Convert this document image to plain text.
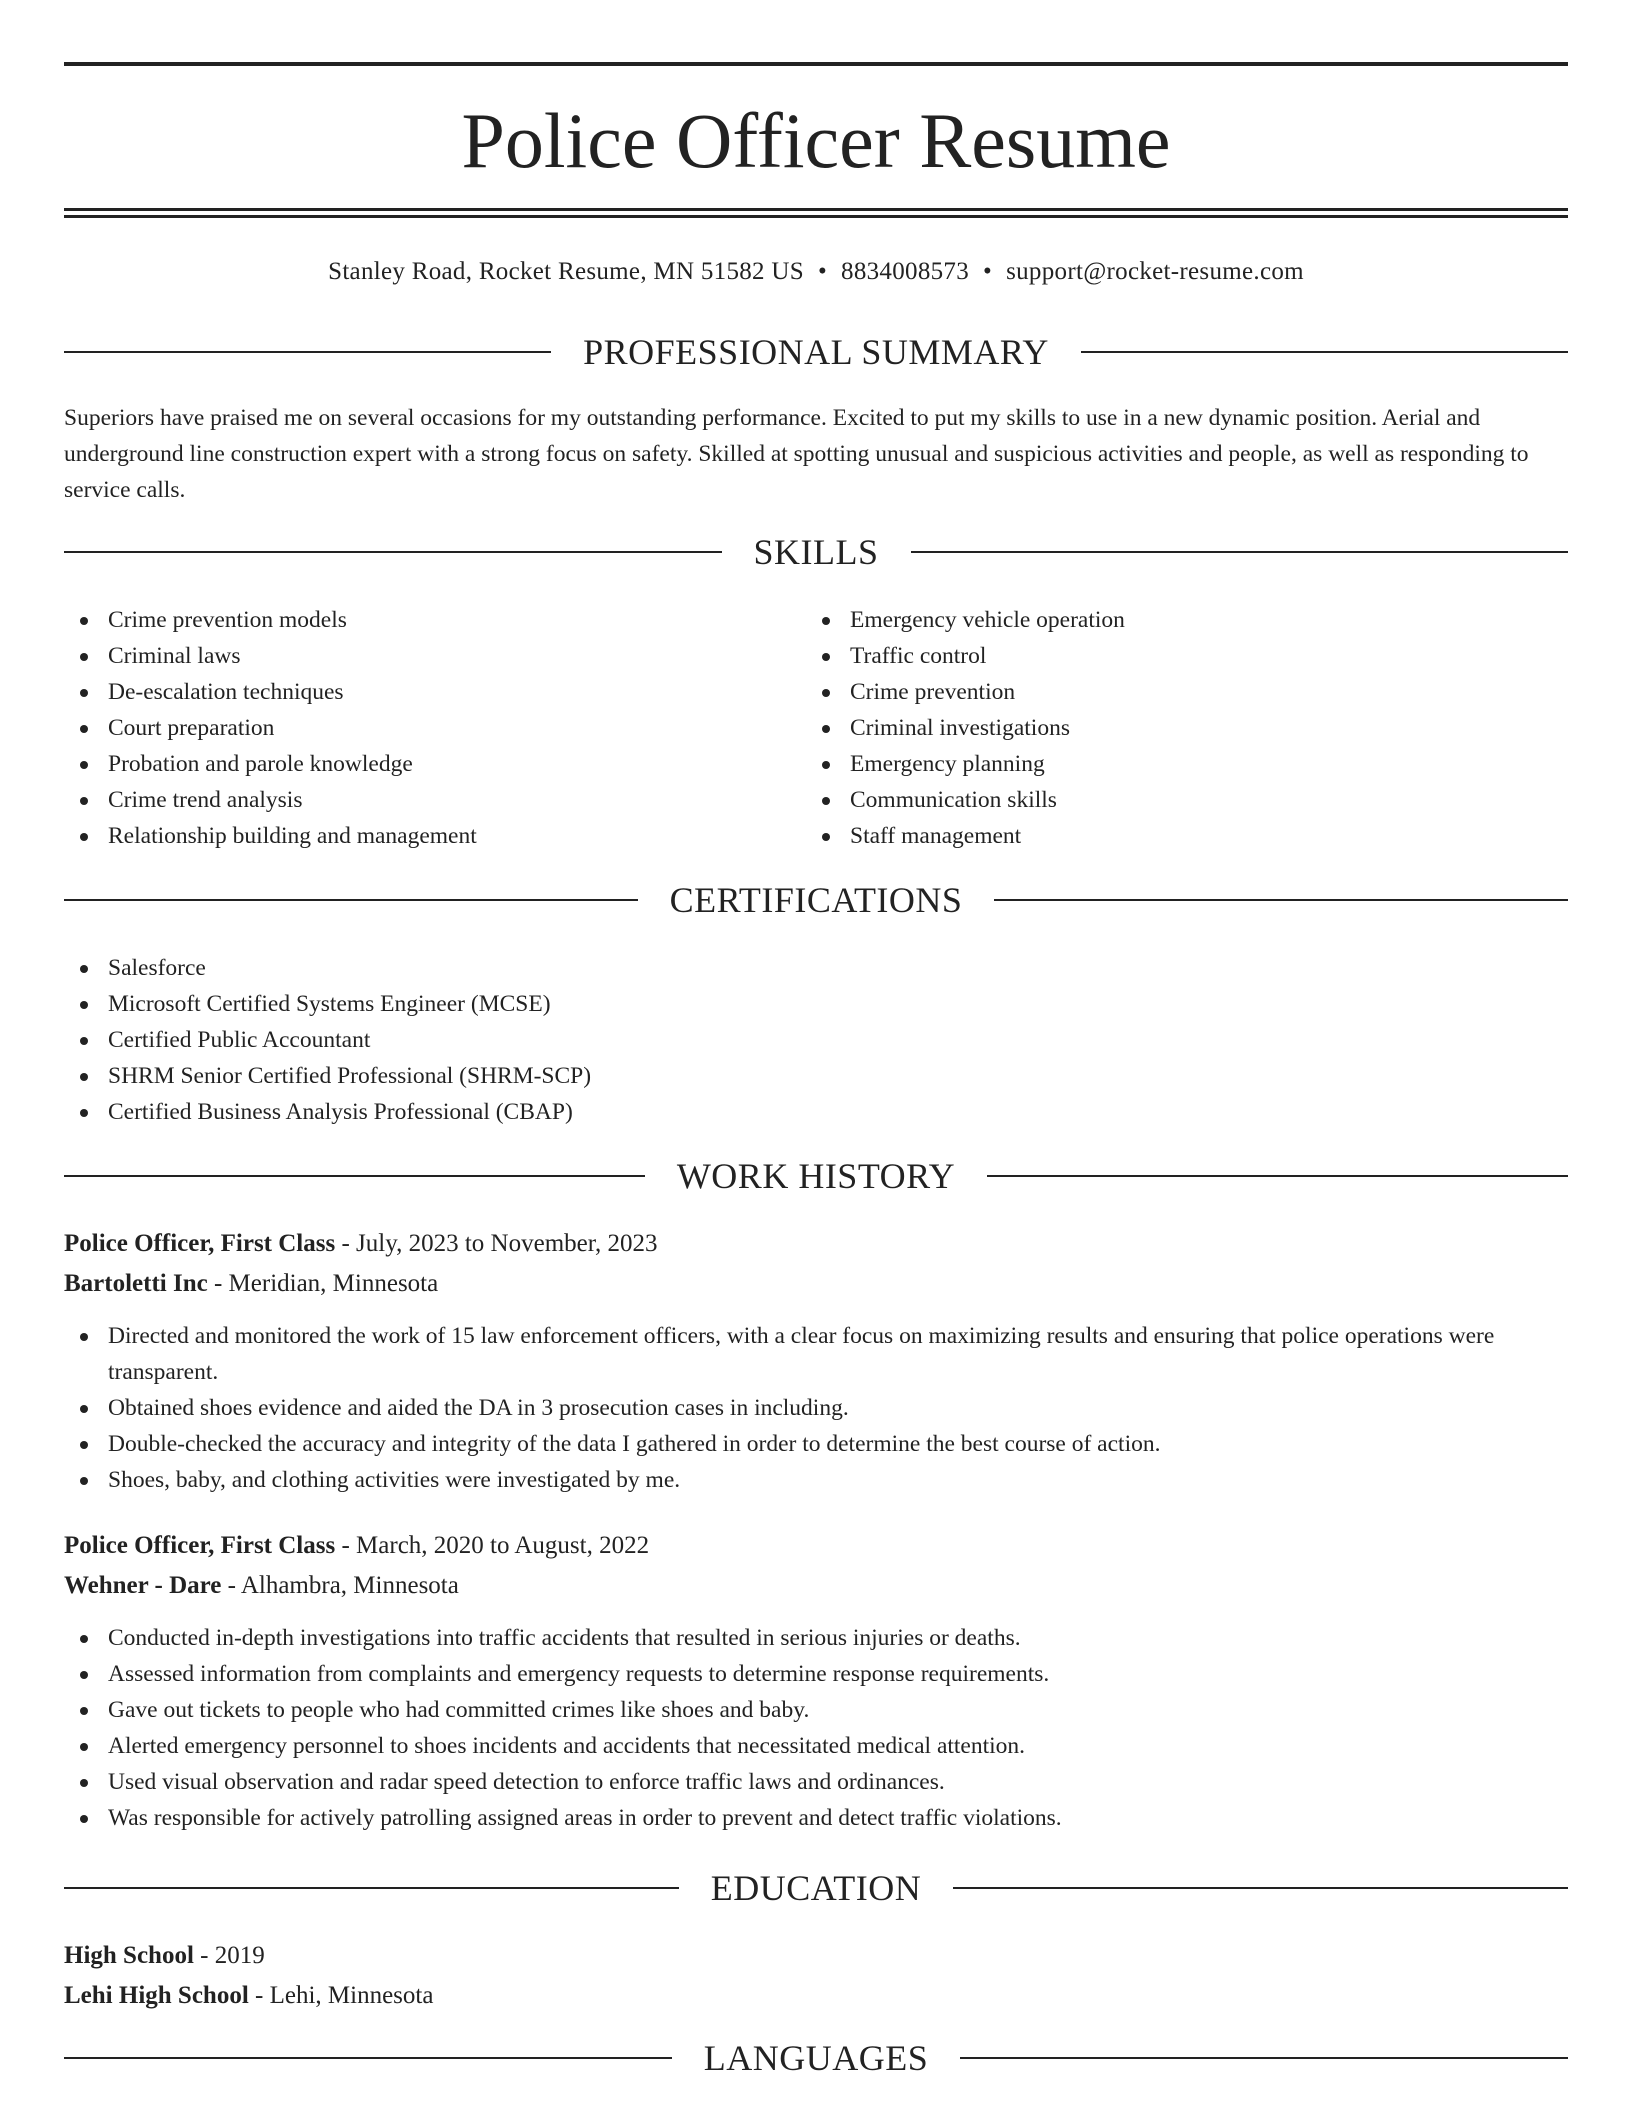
Police Officer Resume
Stanley Road, Rocket Resume, MN 51582 US • 8834008573 • support@rocket-resume.com
PROFESSIONAL SUMMARY

Superiors have praised me on several occasions for my outstanding performance. Excited to put my skills to use in a new dynamic position. Aerial and underground line construction expert with a strong focus on safety. Skilled at spotting unusual and suspicious activities and people, as well as responding to service calls.

SKILLS
Crime prevention models
Criminal laws
De-escalation techniques
Court preparation
Probation and parole knowledge
Crime trend analysis
Relationship building and management
Emergency vehicle operation
Traffic control
Crime prevention
Criminal investigations
Emergency planning
Communication skills
Staff management
CERTIFICATIONS
Salesforce
Microsoft Certified Systems Engineer (MCSE)
Certified Public Accountant
SHRM Senior Certified Professional (SHRM-SCP)
Certified Business Analysis Professional (CBAP)
WORK HISTORY
Police Officer, First Class - July, 2023 to November, 2023
Bartoletti Inc - Meridian, Minnesota
Directed and monitored the work of 15 law enforcement officers, with a clear focus on maximizing results and ensuring that police operations were transparent.
Obtained shoes evidence and aided the DA in 3 prosecution cases in including.
Double-checked the accuracy and integrity of the data I gathered in order to determine the best course of action.
Shoes, baby, and clothing activities were investigated by me.
Police Officer, First Class - March, 2020 to August, 2022
Wehner - Dare - Alhambra, Minnesota
Conducted in-depth investigations into traffic accidents that resulted in serious injuries or deaths.
Assessed information from complaints and emergency requests to determine response requirements.
Gave out tickets to people who had committed crimes like shoes and baby.
Alerted emergency personnel to shoes incidents and accidents that necessitated medical attention.
Used visual observation and radar speed detection to enforce traffic laws and ordinances.
Was responsible for actively patrolling assigned areas in order to prevent and detect traffic violations.
EDUCATION
High School - 2019
Lehi High School - Lehi, Minnesota
LANGUAGES
